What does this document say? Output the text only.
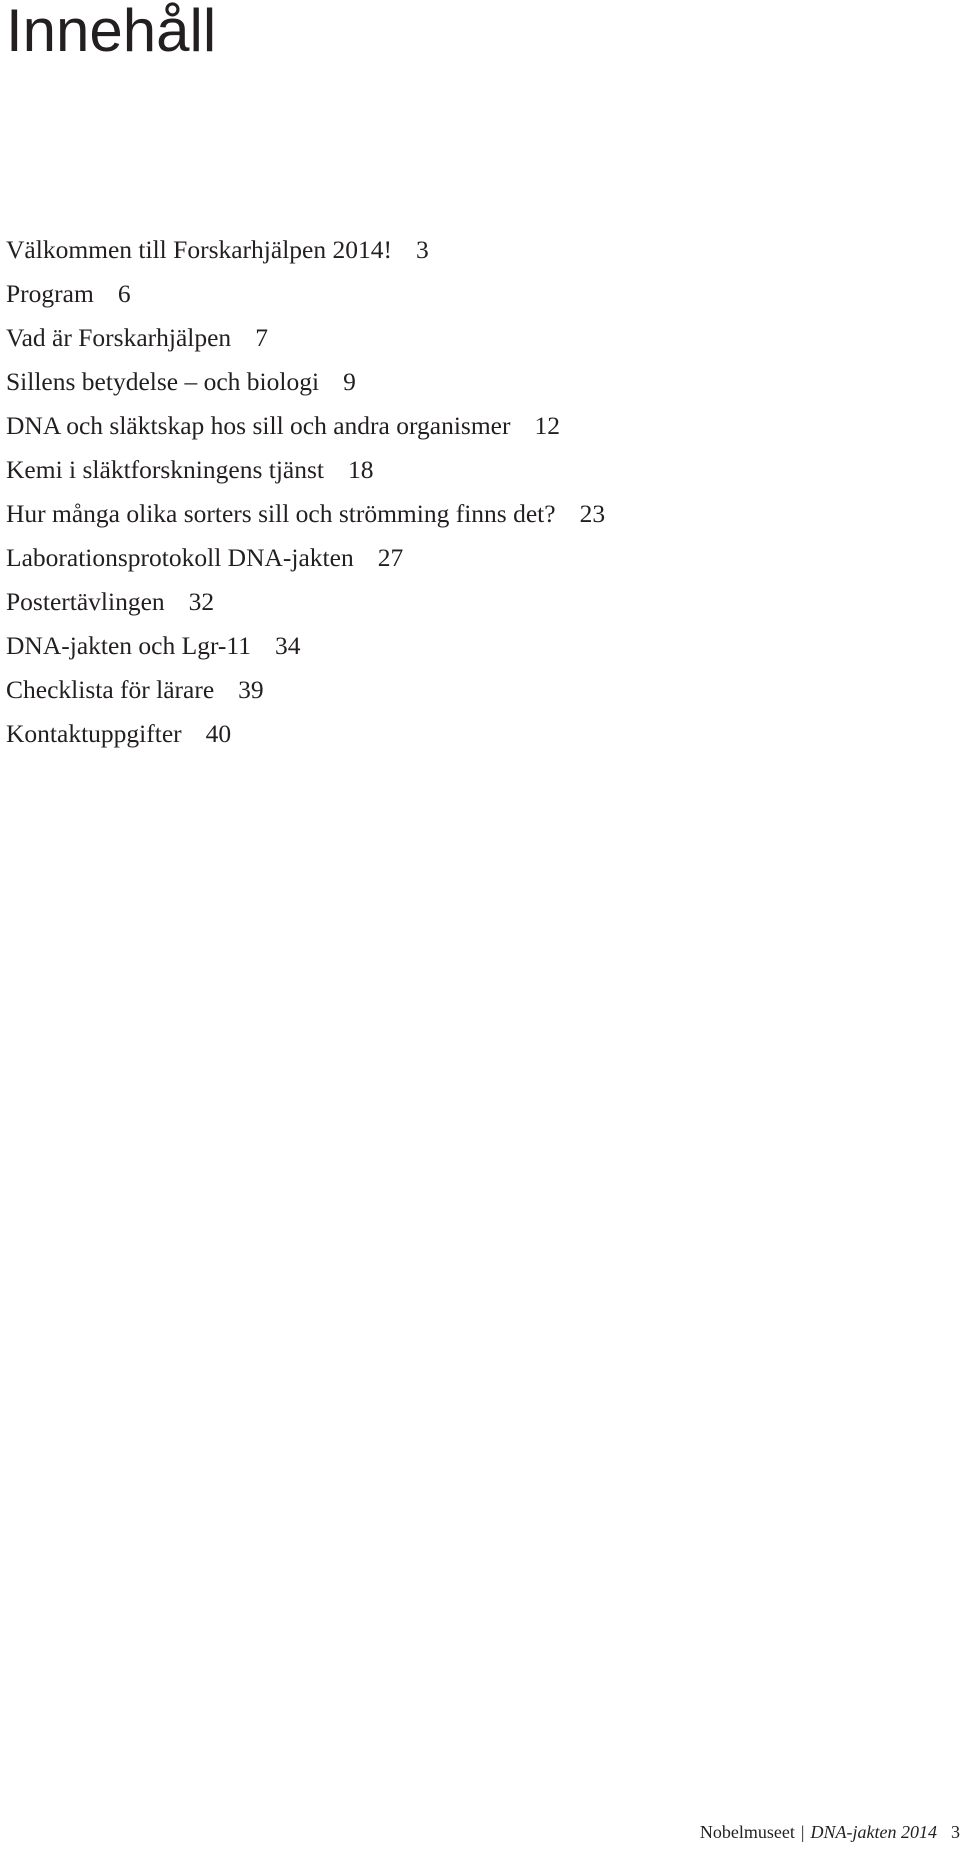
Innehåll
Välkommen till Forskarhjälpen 2014! 3
Program 6
Vad är Forskarhjälpen 7
Sillens betydelse – och biologi 9
DNA och släktskap hos sill och andra organismer 12
Kemi i släktforskningens tjänst 18
Hur många olika sorters sill och strömming finns det? 23
Laborationsprotokoll DNA-jakten 27
Postertävlingen 32
DNA-jakten och Lgr-11 34
Checklista för lärare 39
Kontaktuppgifter 40
Nobelmuseet | DNA-jakten 2014 3
